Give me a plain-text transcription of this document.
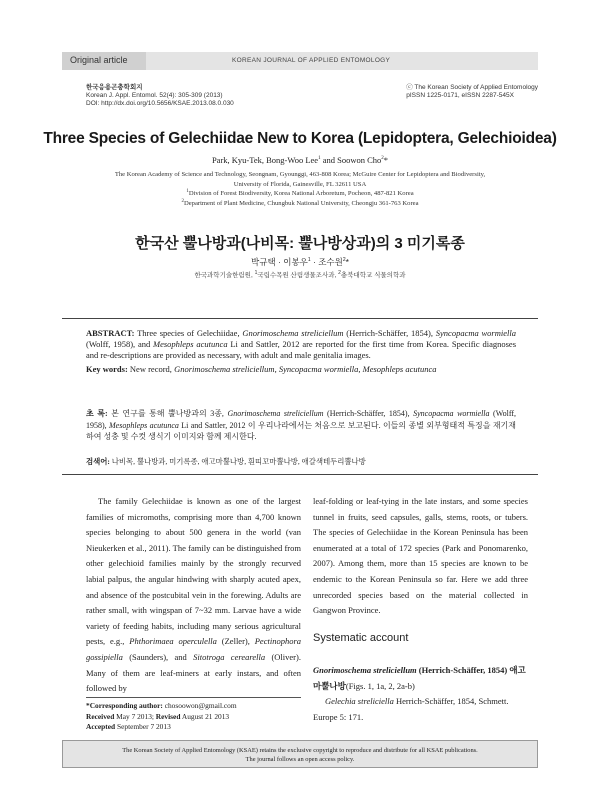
Original article	KOREAN JOURNAL OF APPLIED ENTOMOLOGY
한국응용곤충학회지
Korean J. Appl. Entomol. 52(4): 305-309 (2013)
DOI: http://dx.doi.org/10.5656/KSAE.2013.08.0.030
ⓒ The Korean Society of Applied Entomology
pISSN 1225-0171, eISSN 2287-545X
Three Species of Gelechiidae New to Korea (Lepidoptera, Gelechioidea)
Park, Kyu-Tek, Bong-Woo Lee$^1$ and Soowon Cho$^2$*
The Korean Academy of Science and Technology, Seongnam, Gyounggi, 463-808 Korea; McGuire Center for Lepidoptera and Biodiversity,
University of Florida, Gainesville, FL 32611 USA
$^1$Division of Forest Biodiversity, Korea National Arboretum, Pocheon, 487-821 Korea
$^2$Department of Plant Medicine, Chungbuk National University, Cheongju 361-763 Korea
한국산 뿔나방과(나비목: 뿔나방상과)의 3 미기록종
박규택 · 이봉우$^1$ · 조수원$^2$*
한국과학기술한림원, $^1$국립수목원 산림생물조사과, $^2$충북대학교 식물의학과
ABSTRACT: Three species of Gelechiidae, Gnorimoschema streliciellum (Herrich-Schäffer, 1854), Syncopacma wormiella (Wolff, 1958), and Mesophleps acutunca Li and Sattler, 2012 are reported for the first time from Korea. Specific diagnoses and re-descriptions are provided as necessary, with adult and male genitalia images.
Key words: New record, Gnorimoschema streliciellum, Syncopacma wormiella, Mesophleps acutunca
초 록: 본 연구를 통해 뿔나방과의 3종, Gnorimoschema streliciellum (Herrich-Schäffer, 1854), Syncopacma wormiella (Wolff, 1958), Mesophleps acutunca Li and Sattler, 2012 이 우리나라에서는 처음으로 보고된다. 이들의 종별 외부형태적 특징을 재기재하여 성충 및 수컷 생식기 이미지와 함께 제시한다.
검색어: 나비목, 뿔나방과, 미기록종, 애고마뿔나방, 흰띠꼬마뿔나방, 애갈색테두리뿔나방
The family Gelechiidae is known as one of the largest families of micromoths, comprising more than 4,700 known species belonging to about 500 genera in the world (van Nieukerken et al., 2011). The family can be distinguished from other gelechioid families mainly by the strongly recurved labial palpus, the angular hindwing with sharply acuted apex, and absence of the postcubital vein in the forewing. Adults are rather small, with wingspan of 7~32 mm. Larvae have a wide variety of feeding habits, including many serious agricultural pests, e.g., Phthorimaea operculella (Zeller), Pectinophora gossipiella (Saunders), and Sitotroga cerearella (Oliver). Many of them are leaf-miners at early instars, and often followed by
leaf-folding or leaf-tying in the late instars, and some species tunnel in fruits, seed capsules, galls, stems, roots, or tubers. The species of Gelechiidae in the Korean Peninsula has been enumerated at a total of 172 species (Park and Ponomarenko, 2007). Among them, more than 15 species are known to be endemic to the Korean Peninsula so far. Here we add three unrecorded species based on the material collected in Gangwon Province.
Systematic account
Gnorimoschema streliciellum (Herrich-Schäffer, 1854) 애고
마뿔나방(Figs. 1, 1a, 2, 2a-b)
Gelechia streliciella Herrich-Schäffer, 1854, Schmett. Europe 5: 171.
*Corresponding author: chosoowon@gmail.com
Received May 7 2013; Revised August 21 2013
Accepted September 7 2013
The Korean Society of Applied Entomology (KSAE) retains the exclusive copyright to reproduce and distribute for all KSAE publications.
The journal follows an open access policy.
